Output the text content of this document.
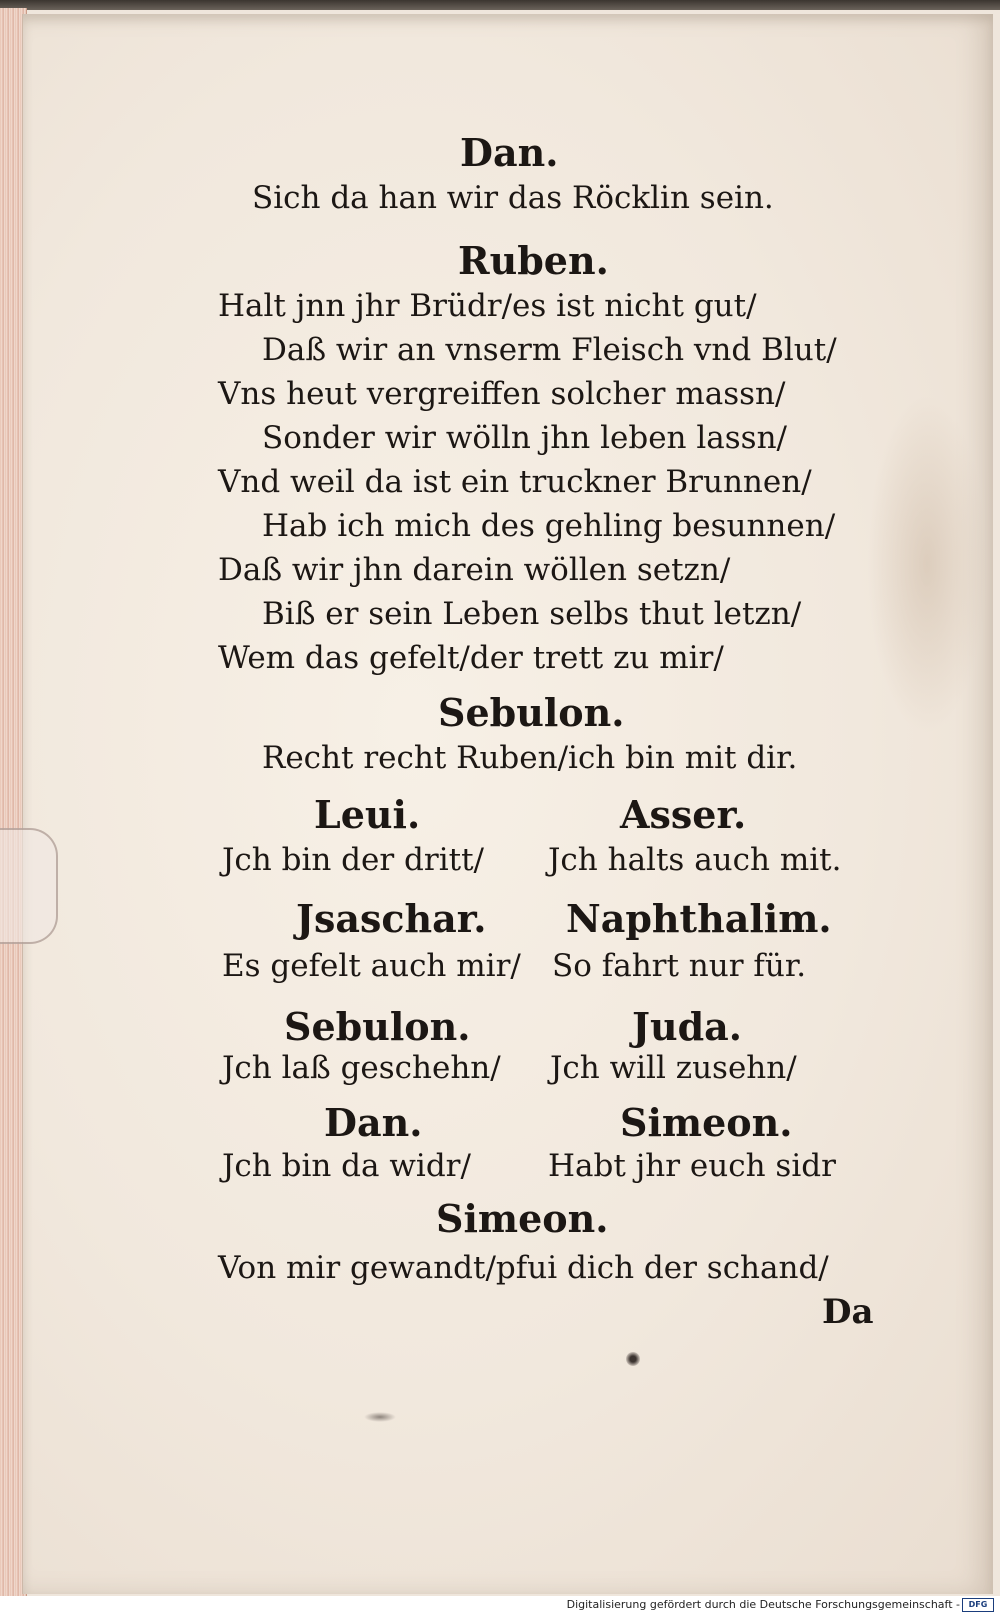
Dan.
Sich da han wir das Röcklin sein.
Ruben.
Halt jnn jhr Brüdr/es ist nicht gut/
Daß wir an vnserm Fleisch vnd Blut/
Vns heut vergreiffen solcher massn/
Sonder wir wölln jhn leben lassn/
Vnd weil da ist ein truckner Brunnen/
Hab ich mich des gehling besunnen/
Daß wir jhn darein wöllen setzn/
Biß er sein Leben selbs thut letzn/
Wem das gefelt/der trett zu mir/
Sebulon.
Recht recht Ruben/ich bin mit dir.
Leui.	Asser.
Jch bin der dritt/ Jch halts auch mit.
Jsaschar. Naphthalim.
Es gefelt auch mir/ So fahrt nur für.
Sebulon.	Juda.
Jch laß geschehn/ Jch will zusehn/
Dan.	Simeon.
Jch bin da widr/ Habt jhr euch sidr
Simeon.
Von mir gewandt/pfui dich der schand/
Da
Digitalisierung gefördert durch die Deutsche Forschungsgemeinschaft -	DFG
